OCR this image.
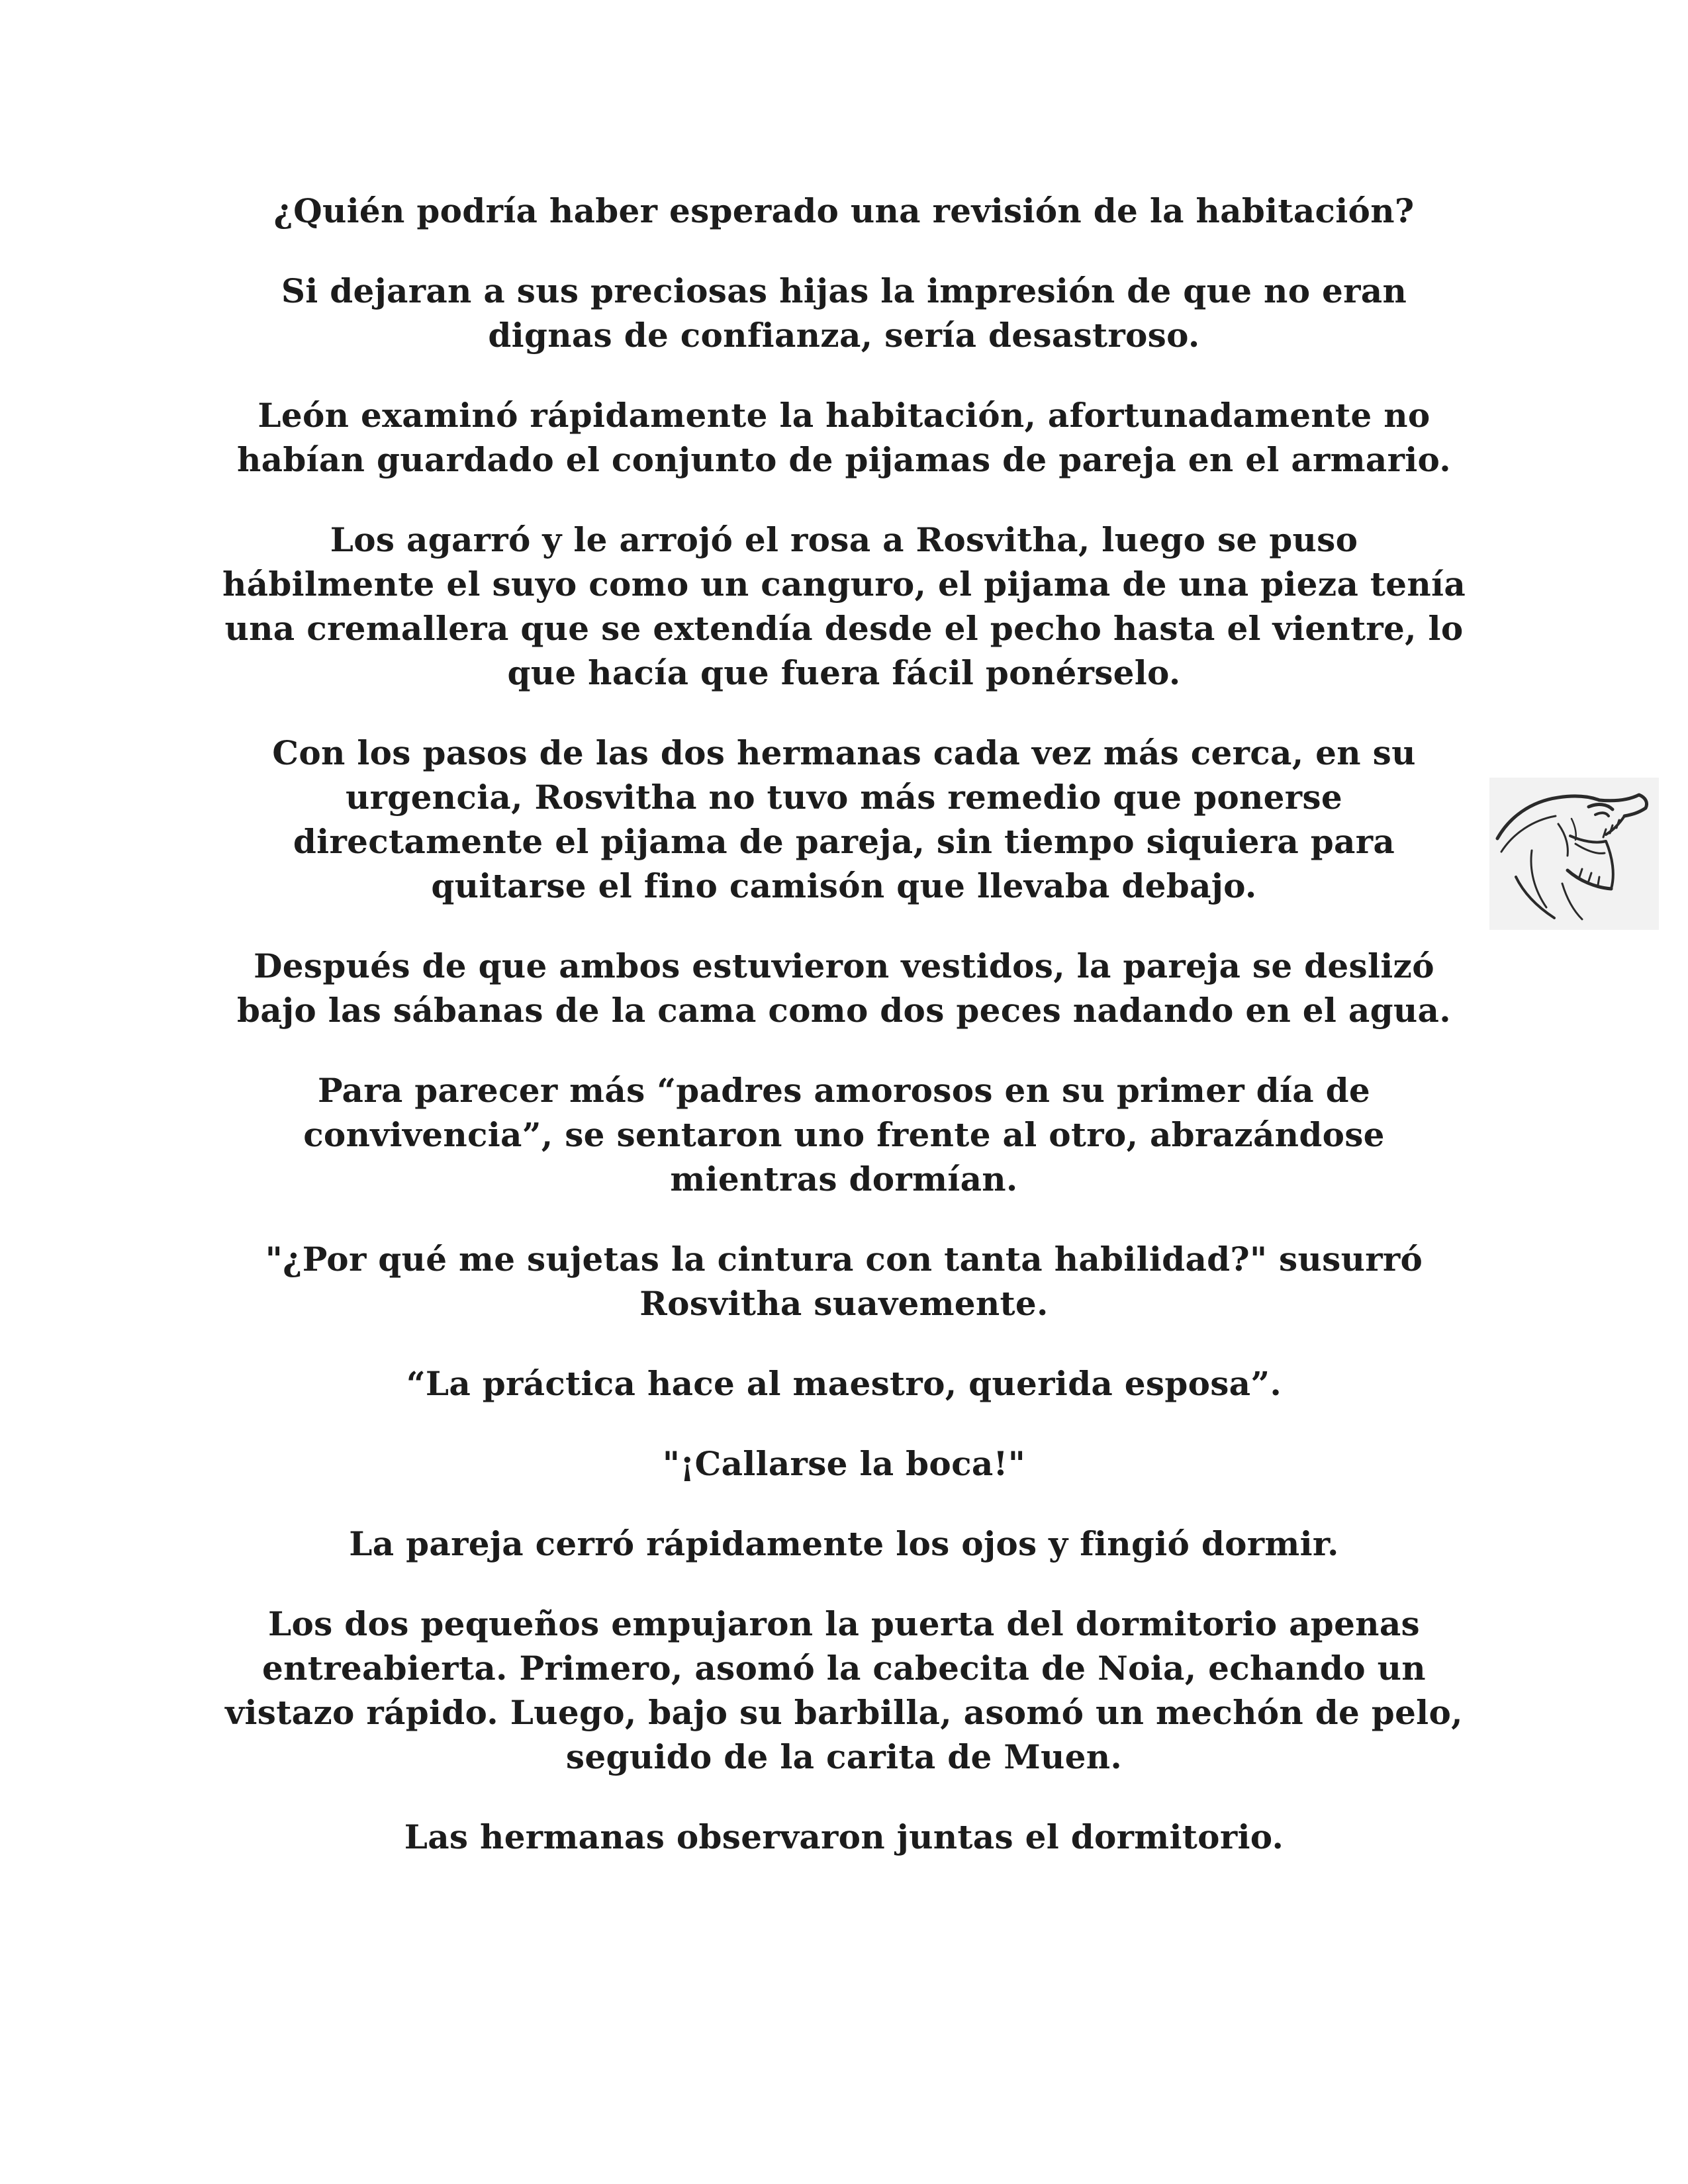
¿Quién podría haber esperado una revisión de la habitación?

Si dejaran a sus preciosas hijas la impresión de que no eran dignas de confianza, sería desastroso.

León examinó rápidamente la habitación, afortunadamente no habían guardado el conjunto de pijamas de pareja en el armario.

Los agarró y le arrojó el rosa a Rosvitha, luego se puso hábilmente el suyo como un canguro, el pijama de una pieza tenía una cremallera que se extendía desde el pecho hasta el vientre, lo que hacía que fuera fácil ponérselo.

Con los pasos de las dos hermanas cada vez más cerca, en su urgencia, Rosvitha no tuvo más remedio que ponerse directamente el pijama de pareja, sin tiempo siquiera para quitarse el fino camisón que llevaba debajo.

Después de que ambos estuvieron vestidos, la pareja se deslizó bajo las sábanas de la cama como dos peces nadando en el agua.

Para parecer más “padres amorosos en su primer día de convivencia”, se sentaron uno frente al otro, abrazándose mientras dormían.

"¿Por qué me sujetas la cintura con tanta habilidad?" susurró Rosvitha suavemente.

“La práctica hace al maestro, querida esposa”.

"¡Callarse la boca!"

La pareja cerró rápidamente los ojos y fingió dormir.

Los dos pequeños empujaron la puerta del dormitorio apenas entreabierta. Primero, asomó la cabecita de Noia, echando un vistazo rápido. Luego, bajo su barbilla, asomó un mechón de pelo, seguido de la carita de Muen.

Las hermanas observaron juntas el dormitorio.
